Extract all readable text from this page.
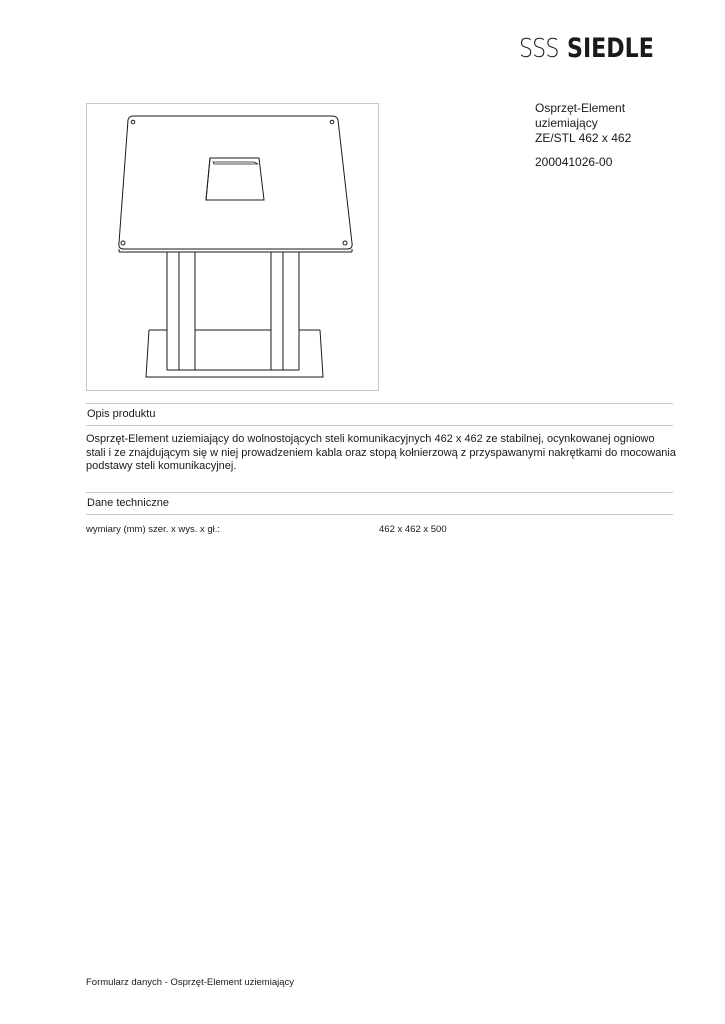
SSS SIEDLE
Osprzęt-Element
uziemiający
ZE/STL 462 x 462
200041026-00
Opis produktu
Osprzęt-Element uziemiający do wolnostojących steli komunikacyjnych 462 x 462 ze stabilnej, ocynkowanej ogniowo stali i ze znajdującym się w niej prowadzeniem kabla oraz stopą kołnierzową z przyspawanymi nakrętkami do mocowania podstawy steli komunikacyjnej.
Dane techniczne
wymiary (mm) szer. x wys. x gł.:	462 x 462 x 500
Formularz danych - Osprzęt-Element uziemiający
